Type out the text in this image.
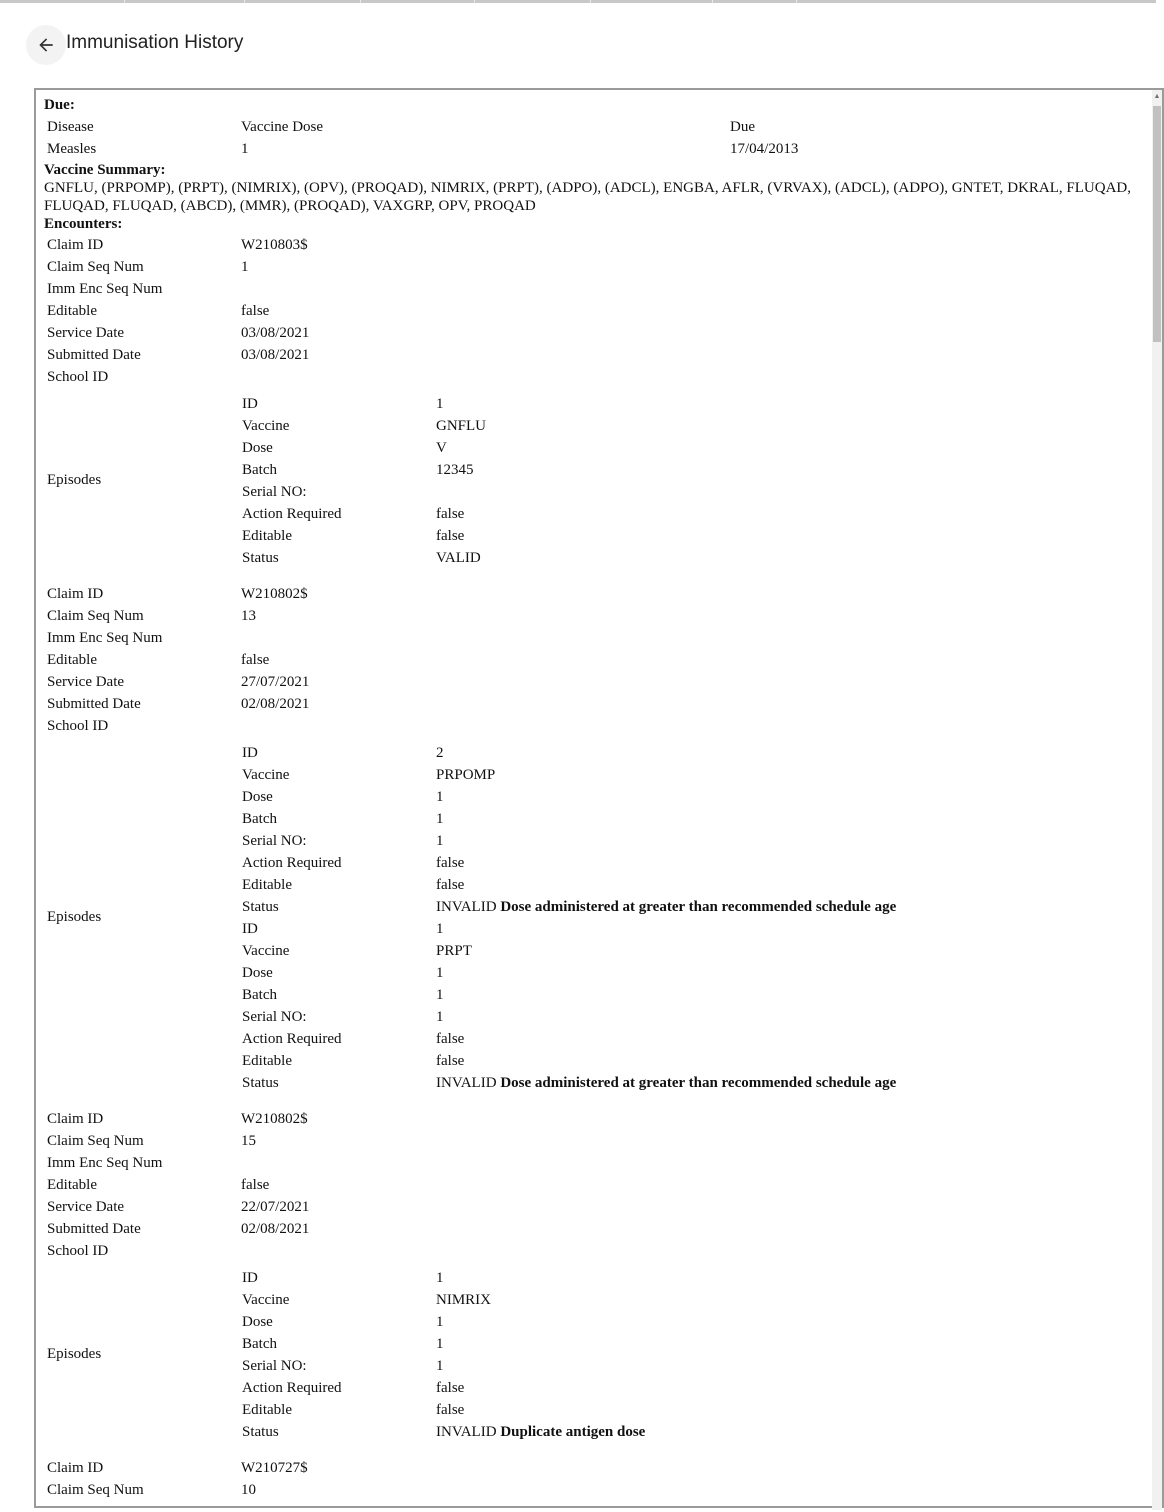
Immunisation History
Due:
Disease	Vaccine Dose	Due
Measles	1	17/04/2013
Vaccine Summary:
GNFLU, (PRPOMP), (PRPT), (NIMRIX), (OPV), (PROQAD), NIMRIX, (PRPT), (ADPO), (ADCL), ENGBA, AFLR, (VRVAX), (ADCL), (ADPO), GNTET, DKRAL, FLUQAD, FLUQAD, FLUQAD, (ABCD), (MMR), (PROQAD), VAXGRP, OPV, PROQAD
Encounters:
Claim ID	W210803$
Claim Seq Num	1
Imm Enc Seq Num	
Editable	false
Service Date	03/08/2021
Submitted Date	03/08/2021
School ID	
Episodes	
ID	1
Vaccine	GNFLU
Dose	V
Batch	12345
Serial NO:	
Action Required	false
Editable	false
Status	VALID
Claim ID	W210802$
Claim Seq Num	13
Imm Enc Seq Num	
Editable	false
Service Date	27/07/2021
Submitted Date	02/08/2021
School ID	
Episodes	
ID	2
Vaccine	PRPOMP
Dose	1
Batch	1
Serial NO:	1
Action Required	false
Editable	false
Status	INVALID Dose administered at greater than recommended schedule age
ID	1
Vaccine	PRPT
Dose	1
Batch	1
Serial NO:	1
Action Required	false
Editable	false
Status	INVALID Dose administered at greater than recommended schedule age
Claim ID	W210802$
Claim Seq Num	15
Imm Enc Seq Num	
Editable	false
Service Date	22/07/2021
Submitted Date	02/08/2021
School ID	
Episodes	
ID	1
Vaccine	NIMRIX
Dose	1
Batch	1
Serial NO:	1
Action Required	false
Editable	false
Status	INVALID Duplicate antigen dose
Claim ID	W210727$
Claim Seq Num	10
▲
